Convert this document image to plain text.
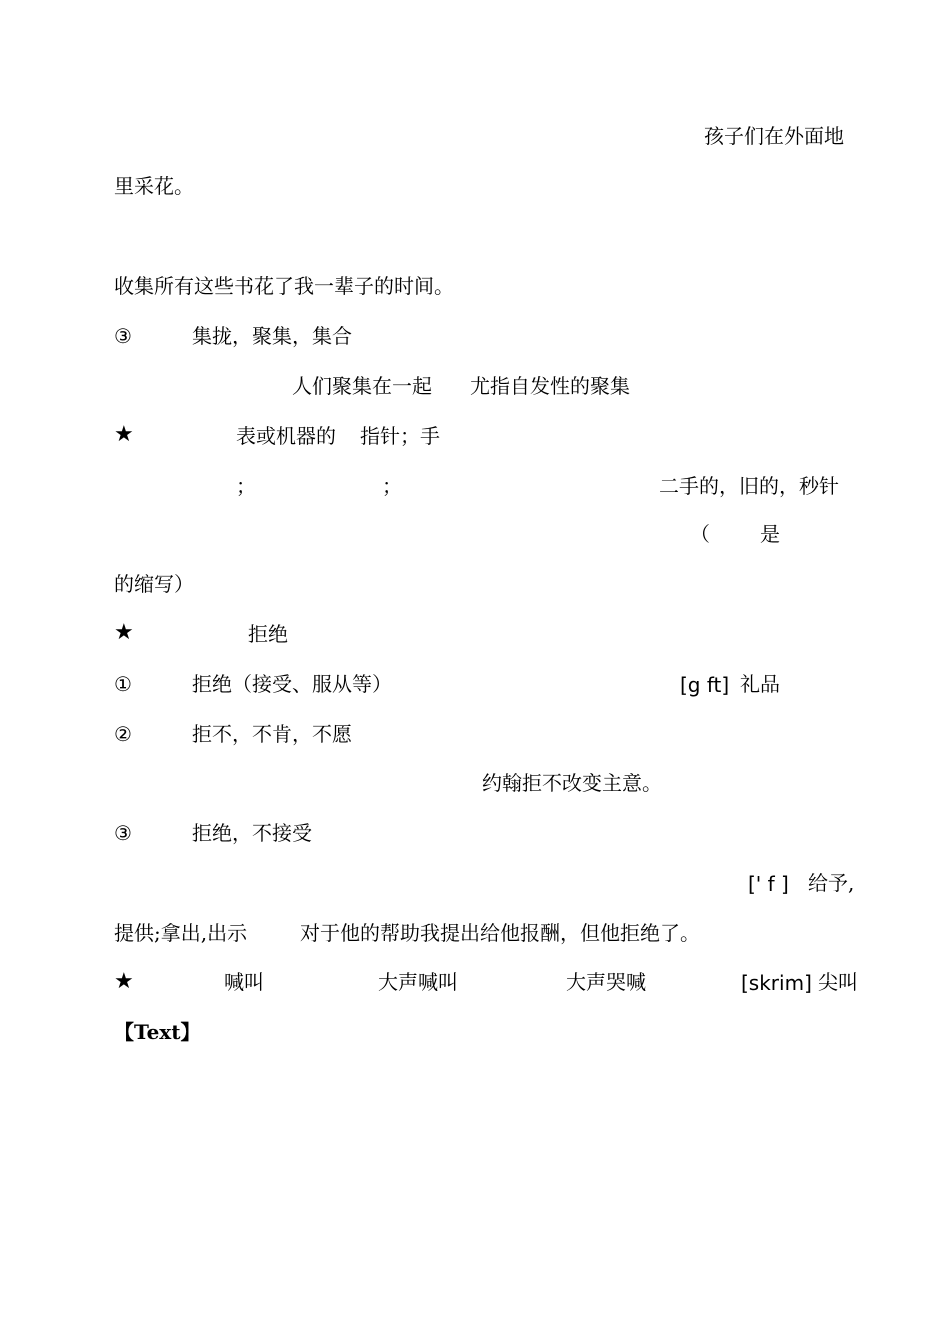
孩子们在外面地
里采花。
收集所有这些书花了我一辈子的时间。
③	集拢，聚集，集合
人们聚集在一起 尤指自发性的聚集
★	表或机器的 指针；手
；	；	二手的，旧的，秒针
（	是
的缩写）
★	拒绝
①	拒绝（接受、服从等）	[g ft] 礼品
②	拒不，不肯，不愿
约翰拒不改变主意。
③	拒绝，不接受
[' f ] 给予,
提供;拿出,出示	对于他的帮助我提出给他报酬，但他拒绝了。
★	喊叫	大声喊叫	大声哭喊	[skrim] 尖叫
【Text】
